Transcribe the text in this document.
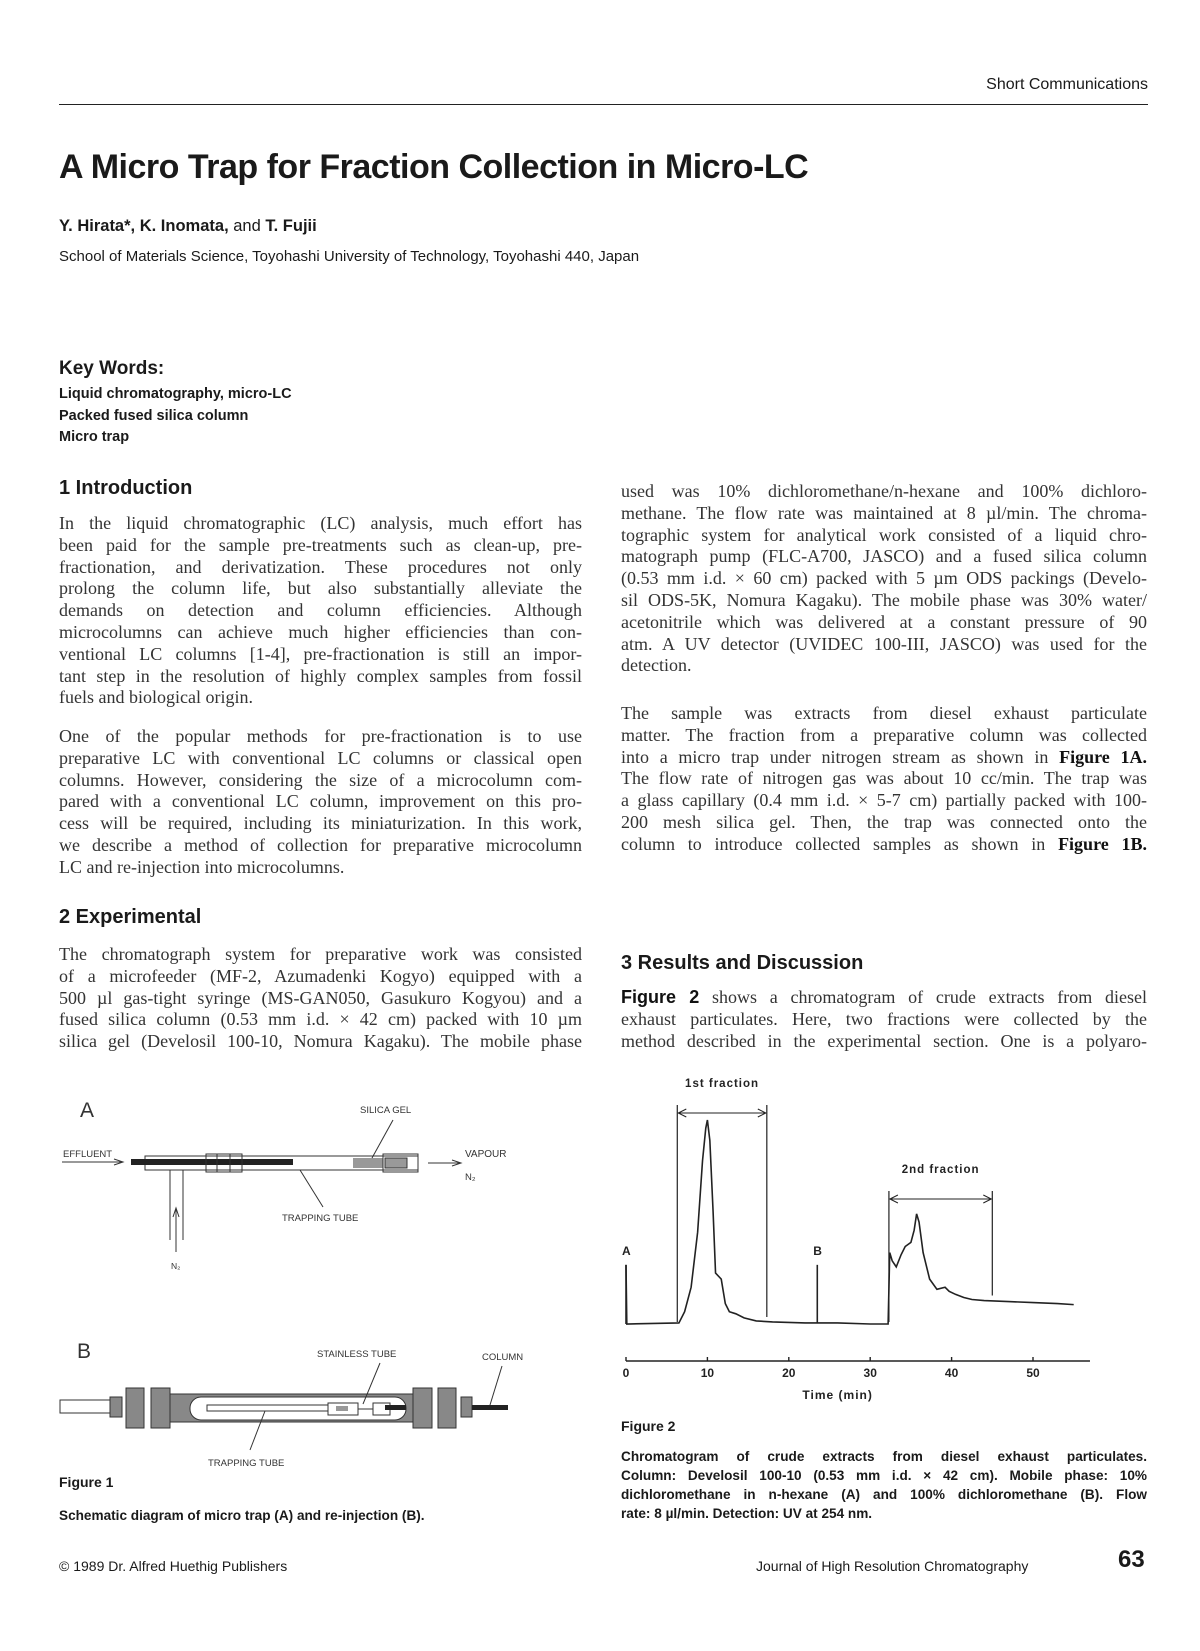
Short Communications
A Micro Trap for Fraction Collection in Micro-LC
Y. Hirata*, K. Inomata, and T. Fujii
School of Materials Science, Toyohashi University of Technology, Toyohashi 440, Japan
Key Words:
Liquid chromatography, micro-LC
Packed fused silica column
Micro trap
1 Introduction
In the liquid chromatographic (LC) analysis, much effort has
been paid for the sample pre-treatments such as clean-up, pre-
fractionation, and derivatization. These procedures not only
prolong the column life, but also substantially alleviate the
demands on detection and column efficiencies. Although
microcolumns can achieve much higher efficiencies than con-
ventional LC columns [1-4], pre-fractionation is still an impor-
tant step in the resolution of highly complex samples from fossil
fuels and biological origin.
One of the popular methods for pre-fractionation is to use
preparative LC with conventional LC columns or classical open
columns. However, considering the size of a microcolumn com-
pared with a conventional LC column, improvement on this pro-
cess will be required, including its miniaturization. In this work,
we describe a method of collection for preparative microcolumn
LC and re-injection into microcolumns.
2 Experimental
The chromatograph system for preparative work was consisted
of a microfeeder (MF-2, Azumadenki Kogyo) equipped with a
500 µl gas-tight syringe (MS-GAN050, Gasukuro Kogyou) and a
fused silica column (0.53 mm i.d. × 42 cm) packed with 10 µm
silica gel (Develosil 100-10, Nomura Kagaku). The mobile phase
used was 10% dichloromethane/n-hexane and 100% dichloro-
methane. The flow rate was maintained at 8 µl/min. The chroma-
tographic system for analytical work consisted of a liquid chro-
matograph pump (FLC-A700, JASCO) and a fused silica column
(0.53 mm i.d. × 60 cm) packed with 5 µm ODS packings (Develo-
sil ODS-5K, Nomura Kagaku). The mobile phase was 30% water/
acetonitrile which was delivered at a constant pressure of 90
atm. A UV detector (UVIDEC 100-III, JASCO) was used for the
detection.
The sample was extracts from diesel exhaust particulate
matter. The fraction from a preparative column was collected
into a micro trap under nitrogen stream as shown in Figure 1A.
The flow rate of nitrogen gas was about 10 cc/min. The trap was
a glass capillary (0.4 mm i.d. × 5-7 cm) partially packed with 100-
200 mesh silica gel. Then, the trap was connected onto the
column to introduce collected samples as shown in Figure 1B.
3 Results and Discussion
Figure 2 shows a chromatogram of crude extracts from diesel
exhaust particulates. Here, two fractions were collected by the
method described in the experimental section. One is a polyaro-
A
EFFLUENT
SILICA GEL
VAPOUR
N₂
TRAPPING TUBE
N₂
B	STAINLESS TUBE	COLUMN
TRAPPING TUBE
Figure 1
Schematic diagram of micro trap (A) and re-injection (B).
A	B
1st fraction
2nd fraction
0	10	20	30	40	50
Time (min)
Figure 2
Chromatogram of crude extracts from diesel exhaust particulates.
Column: Develosil 100-10 (0.53 mm i.d. × 42 cm). Mobile phase: 10%
dichloromethane in n-hexane (A) and 100% dichloromethane (B). Flow
rate: 8 µl/min. Detection: UV at 254 nm.
© 1989 Dr. Alfred Huethig Publishers	Journal of High Resolution Chromatography	63
